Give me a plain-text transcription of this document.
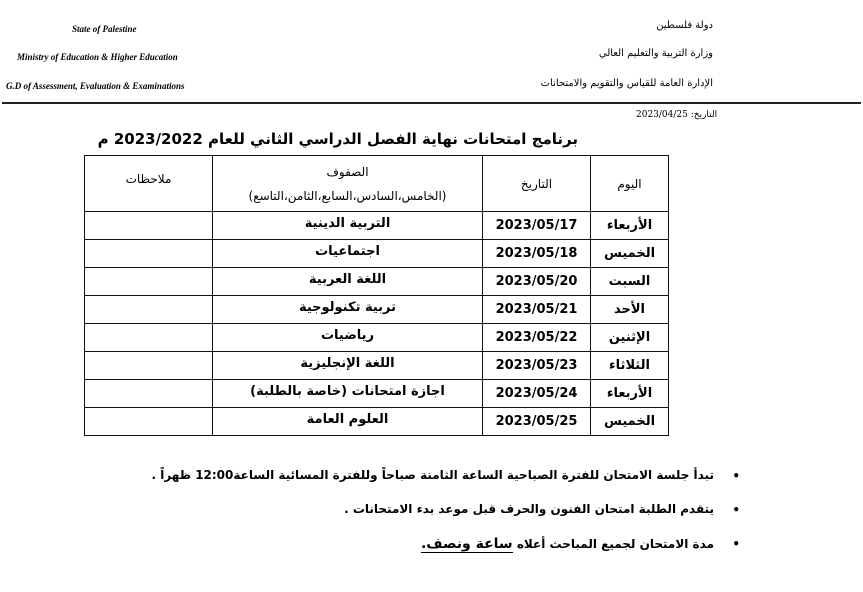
State of Palestine
Ministry of Education & Higher Education
G.D of Assessment, Evaluation & Examinations
دولة فلسطين
وزارة التربية والتعليم العالي
الإدارة العامة للقياس والتقويم والامتحانات
التاريخ: 2023/04/25
برنامج امتحانات نهاية الفصل الدراسي الثاني للعام 2023/2022 م
اليوم	التاريخ	الصفوف
(الخامس،السادس،السابع،الثامن،التاسع)	ملاحظات
الأربعاء	2023/05/17	التربية الدينية	
الخميس	2023/05/18	اجتماعيات	
السبت	2023/05/20	اللغة العربية	
الأحد	2023/05/21	تربية تكنولوجية	
الإثنين	2023/05/22	رياضيات	
الثلاثاء	2023/05/23	اللغة الإنجليزية	
الأربعاء	2023/05/24	اجازة امتحانات (خاصة بالطلبة)	
الخميس	2023/05/25	العلوم العامة	
•
تبدأ جلسة الامتحان للفترة الصباحية الساعة الثامنة صباحاً وللفترة المسائية الساعة12:00 ظهراً .
•
يتقدم الطلبة امتحان الفنون والحرف قبل موعد بدء الامتحانات .
•
مدة الامتحان لجميع المباحث أعلاه ساعة ونصف.
